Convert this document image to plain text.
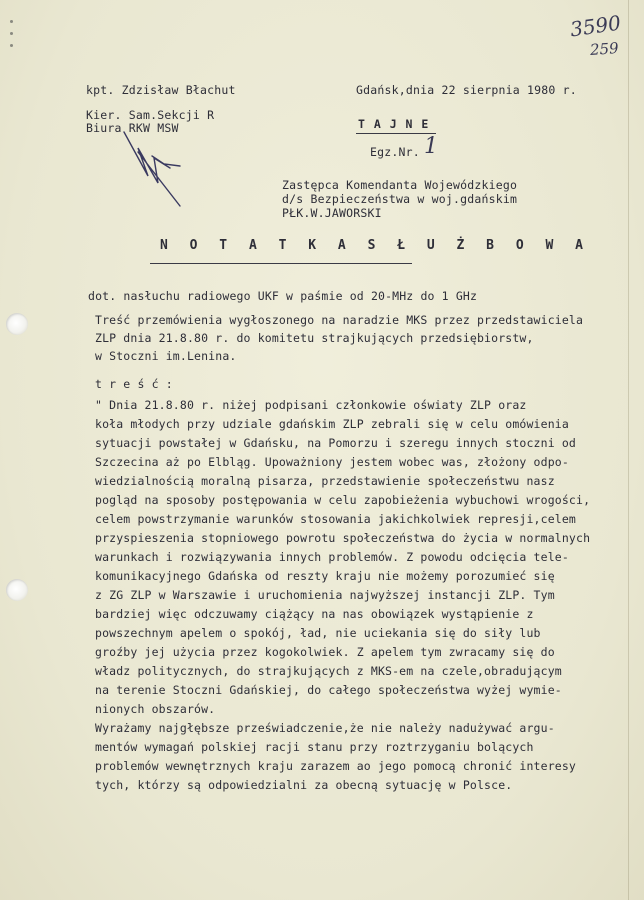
3590
259
kpt. Zdzisław Błachut
Kier. Sam.Sekcji R
Biura RKW MSW
Gdańsk,dnia 22 sierpnia 1980 r.
T A J N E
Egz.Nr. 1
Zastępca Komendanta Wojewódzkiego
d/s Bezpieczeństwa w woj.gdańskim
PŁK.W.JAWORSKI
N O T A T K A S Ł U Ż B O W A
dot. nasłuchu radiowego UKF w paśmie od 20-MHz do 1 GHz
Treść przemówienia wygłoszonego na naradzie MKS przez przedstawiciela
ZLP dnia 21.8.80 r. do komitetu strajkujących przedsiębiorstw,
w Stoczni im.Lenina.
t r e ś ć :
" Dnia 21.8.80 r. niżej podpisani członkowie oświaty ZLP oraz
koła młodych przy udziale gdańskim ZLP zebrali się w celu omówienia
sytuacji powstałej w Gdańsku, na Pomorzu i szeregu innych stoczni od
Szczecina aż po Elbląg. Upoważniony jestem wobec was, złożony odpo-
wiedzialnością moralną pisarza, przedstawienie społeczeństwu nasz
pogląd na sposoby postępowania w celu zapobieżenia wybuchowi wrogości,
celem powstrzymanie warunków stosowania jakichkolwiek represji,celem
przyspieszenia stopniowego powrotu społeczeństwa do życia w normalnych
warunkach i rozwiązywania innych problemów. Z powodu odcięcia tele-
komunikacyjnego Gdańska od reszty kraju nie możemy porozumieć się
z ZG ZLP w Warszawie i uruchomienia najwyższej instancji ZLP. Tym
bardziej więc odczuwamy ciążący na nas obowiązek wystąpienie z
powszechnym apelem o spokój, ład, nie uciekania się do siły lub
groźby jej użycia przez kogokolwiek. Z apelem tym zwracamy się do
władz politycznych, do strajkujących z MKS-em na czele,obradującym
na terenie Stoczni Gdańskiej, do całego społeczeństwa wyżej wymie-
nionych obszarów.
Wyrażamy najgłębsze przeświadczenie,że nie należy nadużywać argu-
mentów wymagań polskiej racji stanu przy roztrzyganiu bolących
problemów wewnętrznych kraju zarazem ao jego pomocą chronić interesy
tych, którzy są odpowiedzialni za obecną sytuację w Polsce.
